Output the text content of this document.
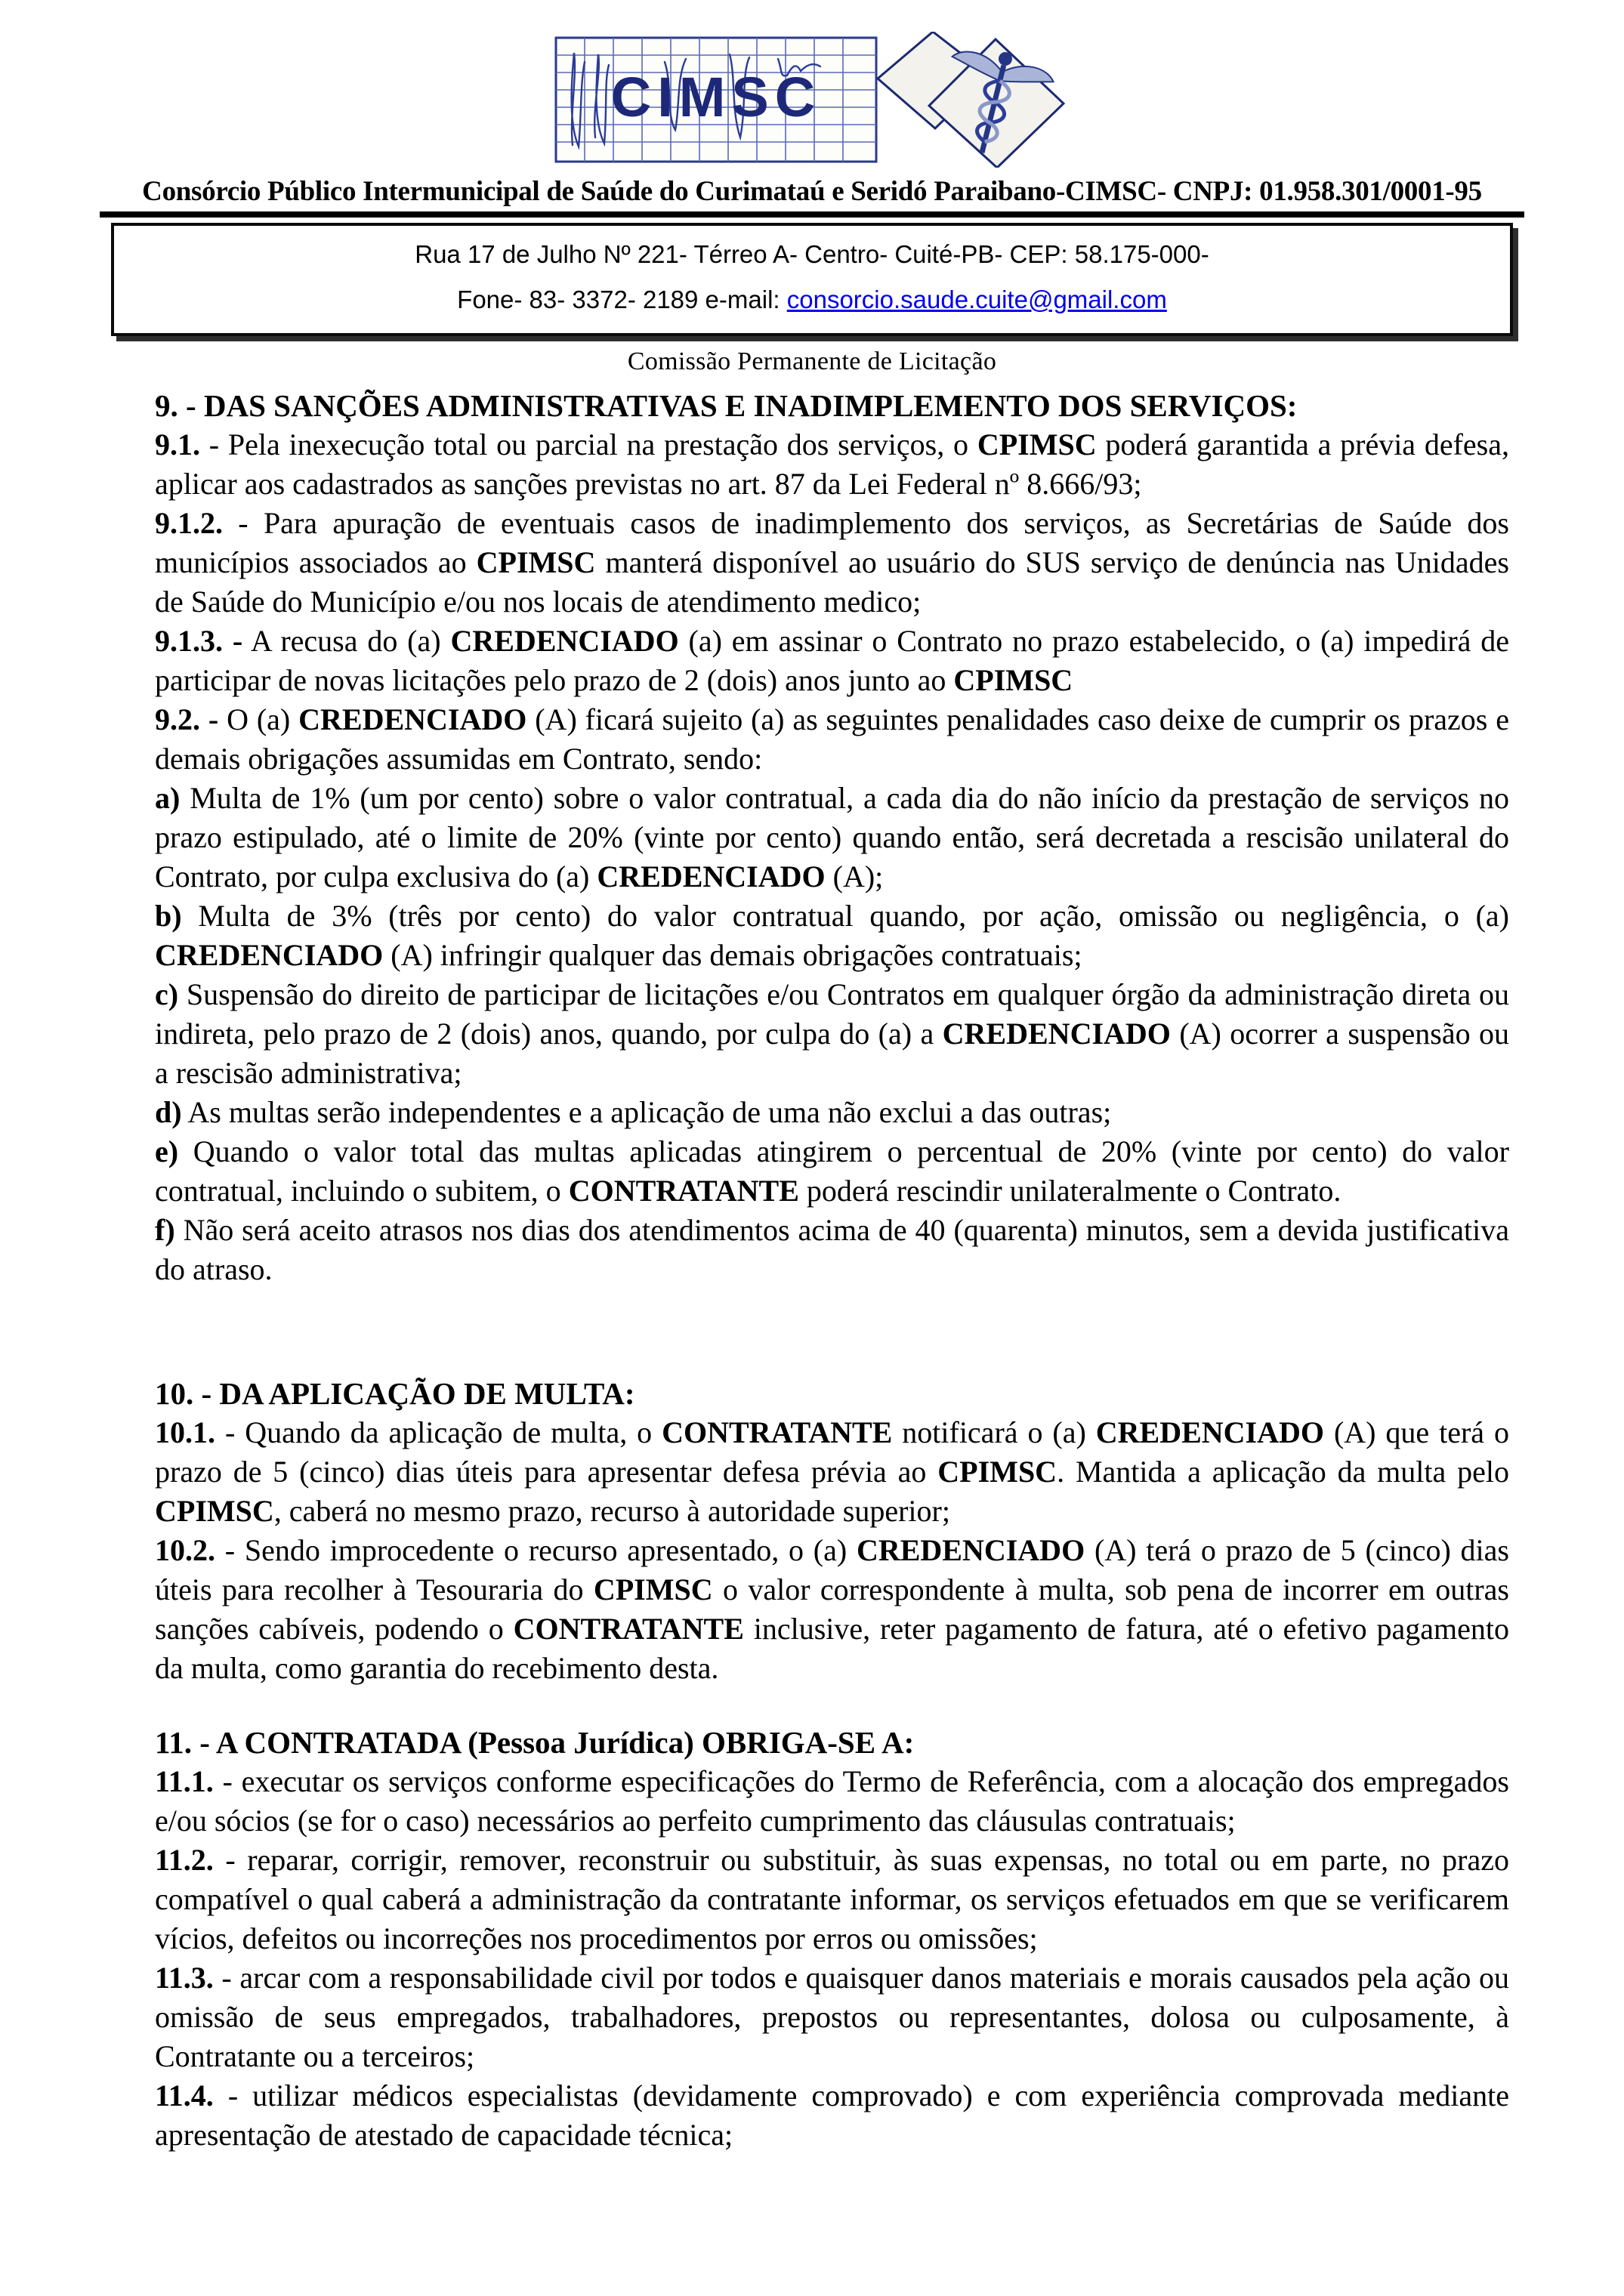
CIMSC
Consórcio Público Intermunicipal de Saúde do Curimataú e Seridó Paraibano-CIMSC- CNPJ: 01.958.301/0001-95

Rua 17 de Julho Nº 221- Térreo A- Centro- Cuité-PB- CEP: 58.175-000-

Fone- 83- 3372- 2189 e-mail: consorcio.saude.cuite@gmail.com

Comissão Permanente de Licitação

9. - DAS SANÇÕES ADMINISTRATIVAS E INADIMPLEMENTO DOS SERVIÇOS:

9.1. - Pela inexecução total ou parcial na prestação dos serviços, o CPIMSC poderá garantida a prévia defesa, aplicar aos cadastrados as sanções previstas no art. 87 da Lei Federal nº 8.666/93;

9.1.2. - Para apuração de eventuais casos de inadimplemento dos serviços, as Secretárias de Saúde dos municípios associados ao CPIMSC manterá disponível ao usuário do SUS serviço de denúncia nas Unidades de Saúde do Município e/ou nos locais de atendimento medico;

9.1.3. - A recusa do (a) CREDENCIADO (a) em assinar o Contrato no prazo estabelecido, o (a) impedirá de participar de novas licitações pelo prazo de 2 (dois) anos junto ao CPIMSC

9.2. - O (a) CREDENCIADO (A) ficará sujeito (a) as seguintes penalidades caso deixe de cumprir os prazos e demais obrigações assumidas em Contrato, sendo:

a) Multa de 1% (um por cento) sobre o valor contratual, a cada dia do não início da prestação de serviços no prazo estipulado, até o limite de 20% (vinte por cento) quando então, será decretada a rescisão unilateral do Contrato, por culpa exclusiva do (a) CREDENCIADO (A);

b) Multa de 3% (três por cento) do valor contratual quando, por ação, omissão ou negligência, o (a) CREDENCIADO (A) infringir qualquer das demais obrigações contratuais;

c) Suspensão do direito de participar de licitações e/ou Contratos em qualquer órgão da administração direta ou indireta, pelo prazo de 2 (dois) anos, quando, por culpa do (a) a CREDENCIADO (A) ocorrer a suspensão ou a rescisão administrativa;

d) As multas serão independentes e a aplicação de uma não exclui a das outras;

e) Quando o valor total das multas aplicadas atingirem o percentual de 20% (vinte por cento) do valor contratual, incluindo o subitem, o CONTRATANTE poderá rescindir unilateralmente o Contrato.

f) Não será aceito atrasos nos dias dos atendimentos acima de 40 (quarenta) minutos, sem a devida justificativa do atraso.

10. - DA APLICAÇÃO DE MULTA:

10.1. - Quando da aplicação de multa, o CONTRATANTE notificará o (a) CREDENCIADO (A) que terá o prazo de 5 (cinco) dias úteis para apresentar defesa prévia ao CPIMSC. Mantida a aplicação da multa pelo CPIMSC, caberá no mesmo prazo, recurso à autoridade superior;

10.2. - Sendo improcedente o recurso apresentado, o (a) CREDENCIADO (A) terá o prazo de 5 (cinco) dias úteis para recolher à Tesouraria do CPIMSC o valor correspondente à multa, sob pena de incorrer em outras sanções cabíveis, podendo o CONTRATANTE inclusive, reter pagamento de fatura, até o efetivo pagamento da multa, como garantia do recebimento desta.

11. - A CONTRATADA (Pessoa Jurídica) OBRIGA-SE A:

11.1. - executar os serviços conforme especificações do Termo de Referência, com a alocação dos empregados e/ou sócios (se for o caso) necessários ao perfeito cumprimento das cláusulas contratuais;

11.2. - reparar, corrigir, remover, reconstruir ou substituir, às suas expensas, no total ou em parte, no prazo compatível o qual caberá a administração da contratante informar, os serviços efetuados em que se verificarem vícios, defeitos ou incorreções nos procedimentos por erros ou omissões;

11.3. - arcar com a responsabilidade civil por todos e quaisquer danos materiais e morais causados pela ação ou omissão de seus empregados, trabalhadores, prepostos ou representantes, dolosa ou culposamente, à Contratante ou a terceiros;

11.4. - utilizar médicos especialistas (devidamente comprovado) e com experiência comprovada mediante apresentação de atestado de capacidade técnica;
